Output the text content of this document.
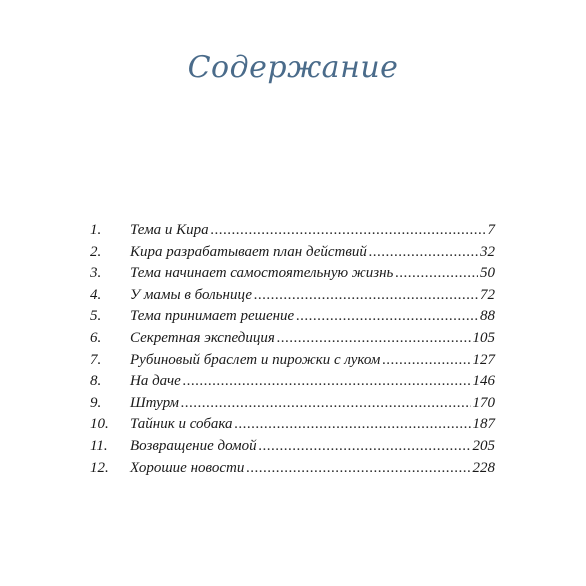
Содержание
1.	Тема и Кира .....	7
2.	Кира разрабатывает план действий .....	32
3.	Тема начинает самостоятельную жизнь .....	50
4.	У мамы в больнице .....	72
5.	Тема принимает решение .....	88
6.	Секретная экспедиция .....	105
7.	Рубиновый браслет и пирожки с луком .....	127
8.	На даче .....	146
9.	Штурм .....	170
10.	Тайник и собака .....	187
11.	Возвращение домой .....	205
12.	Хорошие новости .....	228
